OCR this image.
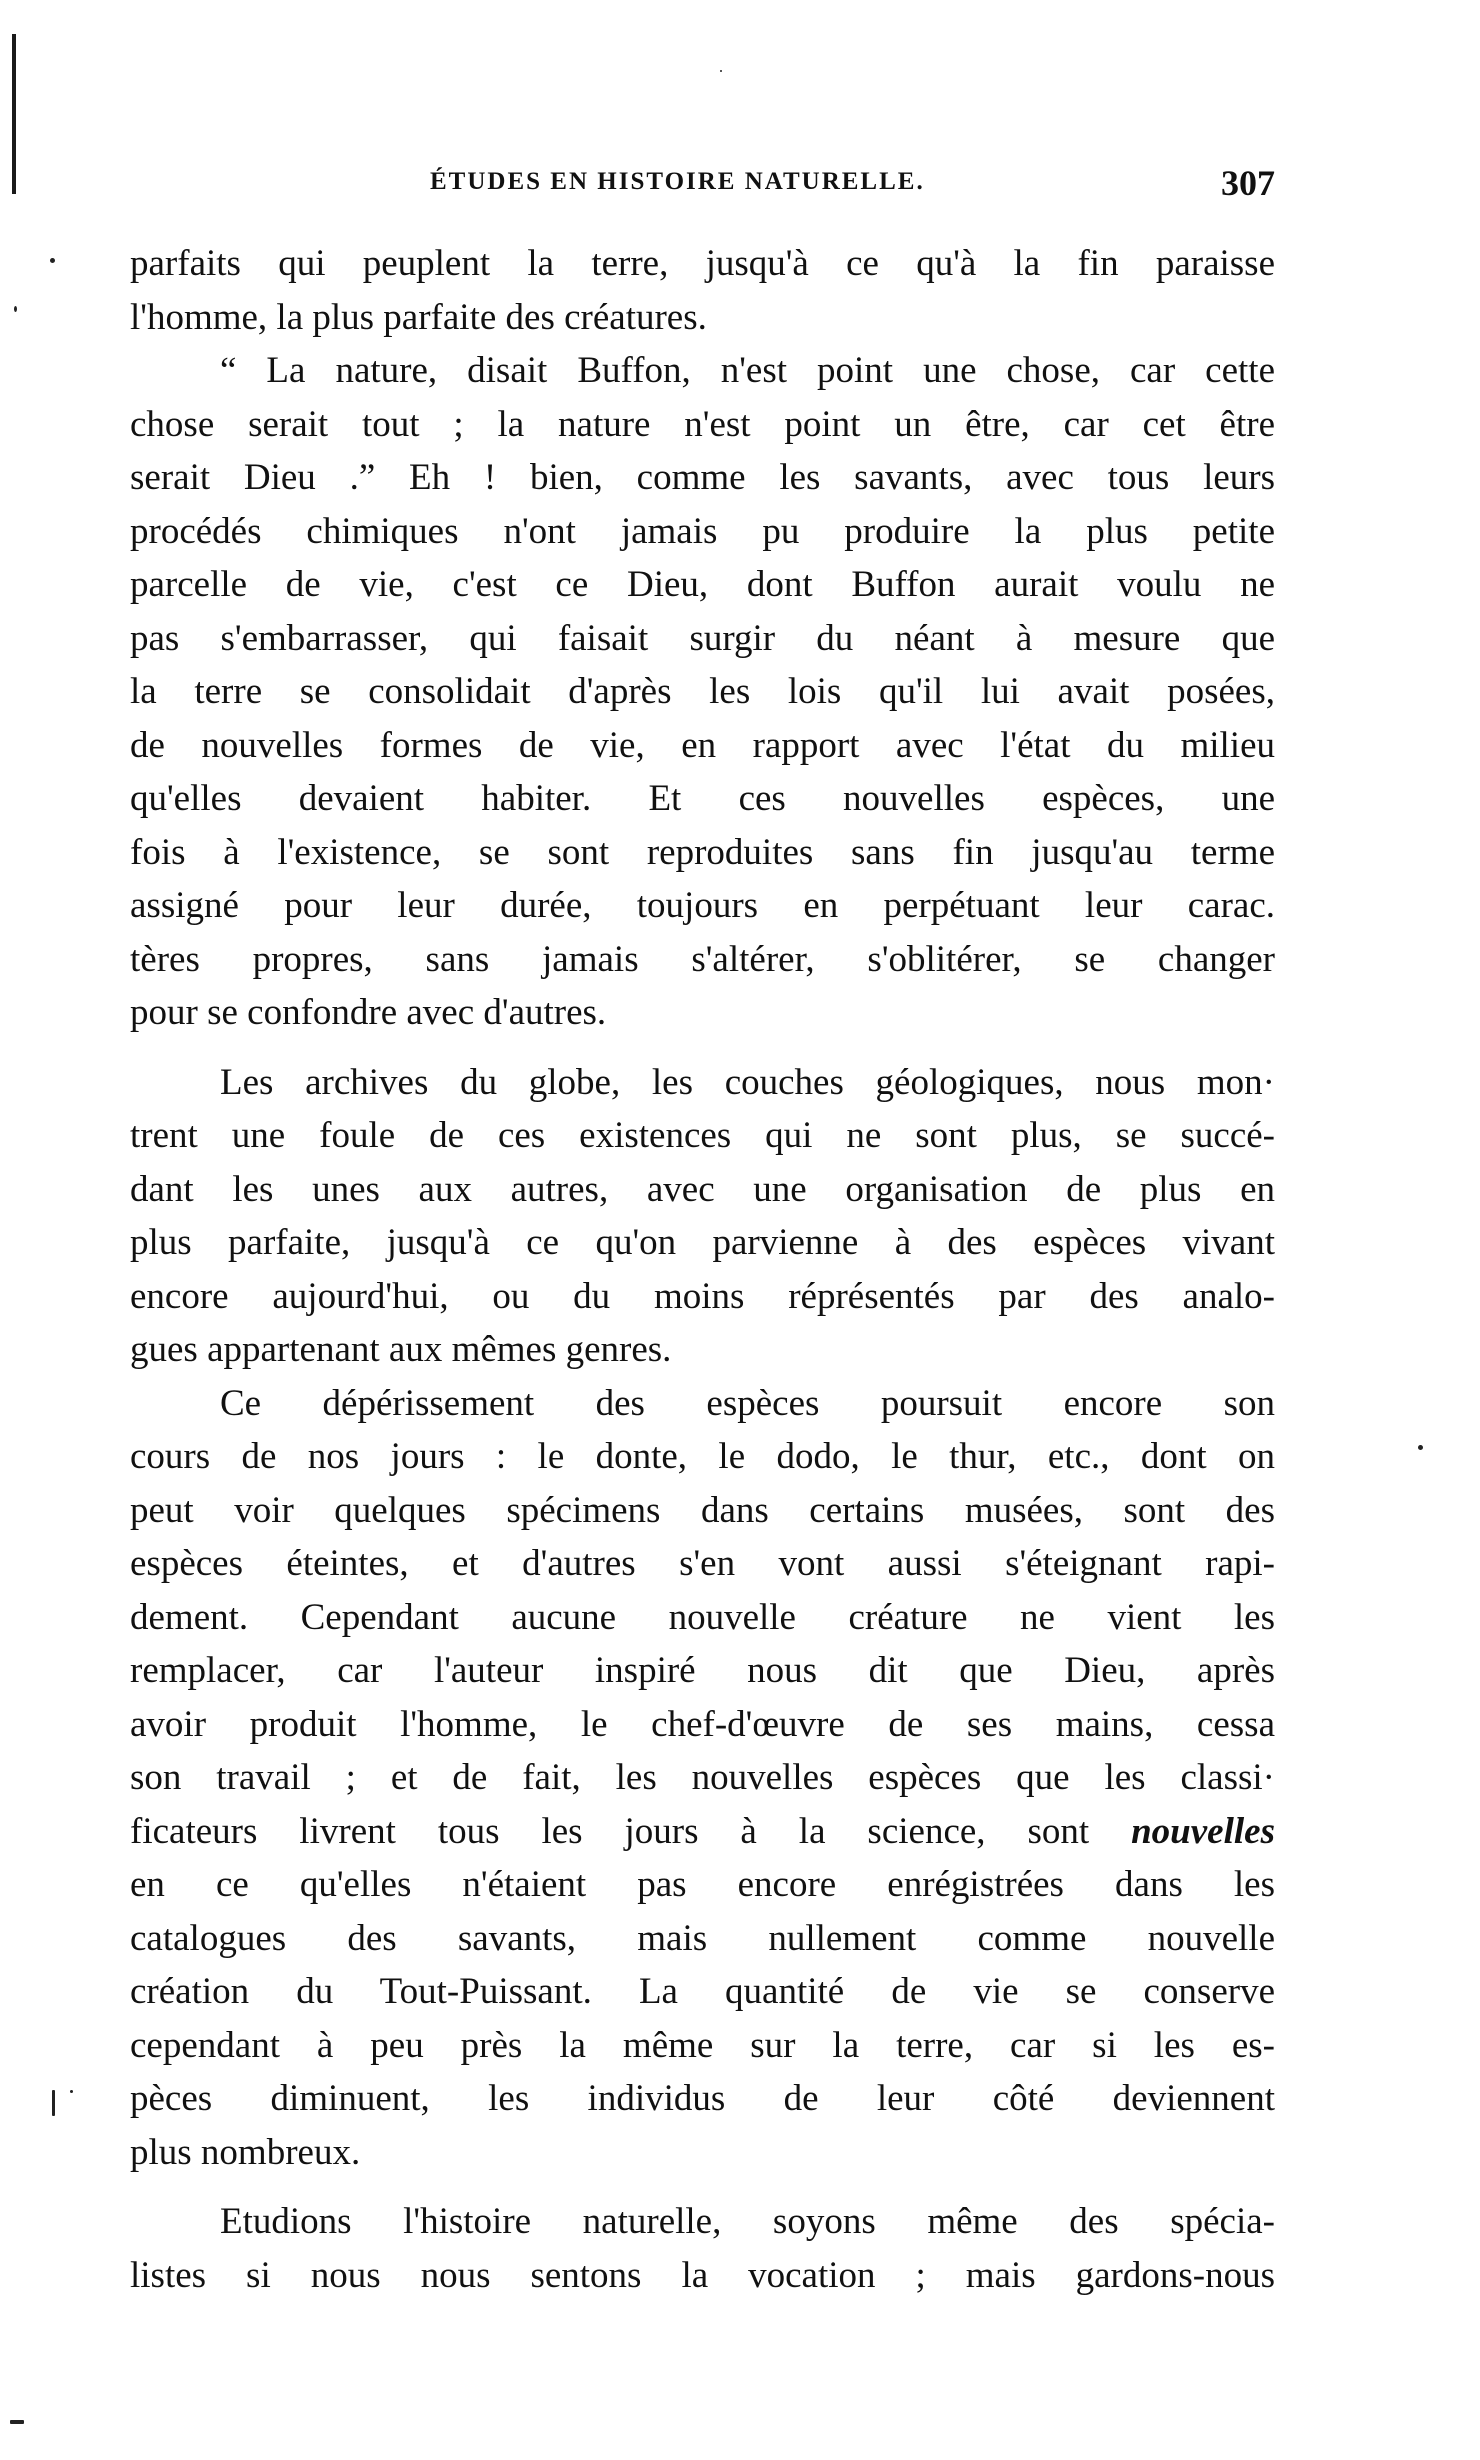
ÉTUDES EN HISTOIRE NATURELLE.	307
parfaits qui peuplent la terre, jusqu'à ce qu'à la fin paraisse
l'homme, la plus parfaite des créatures.
“ La nature, disait Buffon, n'est point une chose, car cette
chose serait tout ; la nature n'est point un être, car cet être
serait Dieu .” Eh ! bien, comme les savants, avec tous leurs
procédés chimiques n'ont jamais pu produire la plus petite
parcelle de vie, c'est ce Dieu, dont Buffon aurait voulu ne
pas s'embarrasser, qui faisait surgir du néant à mesure que
la terre se consolidait d'après les lois qu'il lui avait posées,
de nouvelles formes de vie, en rapport avec l'état du milieu
qu'elles devaient habiter. Et ces nouvelles espèces, une
fois à l'existence, se sont reproduites sans fin jusqu'au terme
assigné pour leur durée, toujours en perpétuant leur carac.
tères propres, sans jamais s'altérer, s'oblitérer, se changer
pour se confondre avec d'autres.
Les archives du globe, les couches géologiques, nous mon·
trent une foule de ces existences qui ne sont plus, se succé-
dant les unes aux autres, avec une organisation de plus en
plus parfaite, jusqu'à ce qu'on parvienne à des espèces vivant
encore aujourd'hui, ou du moins réprésentés par des analo-
gues appartenant aux mêmes genres.
Ce dépérissement des espèces poursuit encore son
cours de nos jours : le donte, le dodo, le thur, etc., dont on
peut voir quelques spécimens dans certains musées, sont des
espèces éteintes, et d'autres s'en vont aussi s'éteignant rapi-
dement. Cependant aucune nouvelle créature ne vient les
remplacer, car l'auteur inspiré nous dit que Dieu, après
avoir produit l'homme, le chef-d'œuvre de ses mains, cessa
son travail ; et de fait, les nouvelles espèces que les classi·
ficateurs livrent tous les jours à la science, sont nouvelles
en ce qu'elles n'étaient pas encore enrégistrées dans les
catalogues des savants, mais nullement comme nouvelle
création du Tout-Puissant. La quantité de vie se conserve
cependant à peu près la même sur la terre, car si les es-
pèces diminuent, les individus de leur côté deviennent
plus nombreux.
Etudions l'histoire naturelle, soyons même des spécia-
listes si nous nous sentons la vocation ; mais gardons-nous
